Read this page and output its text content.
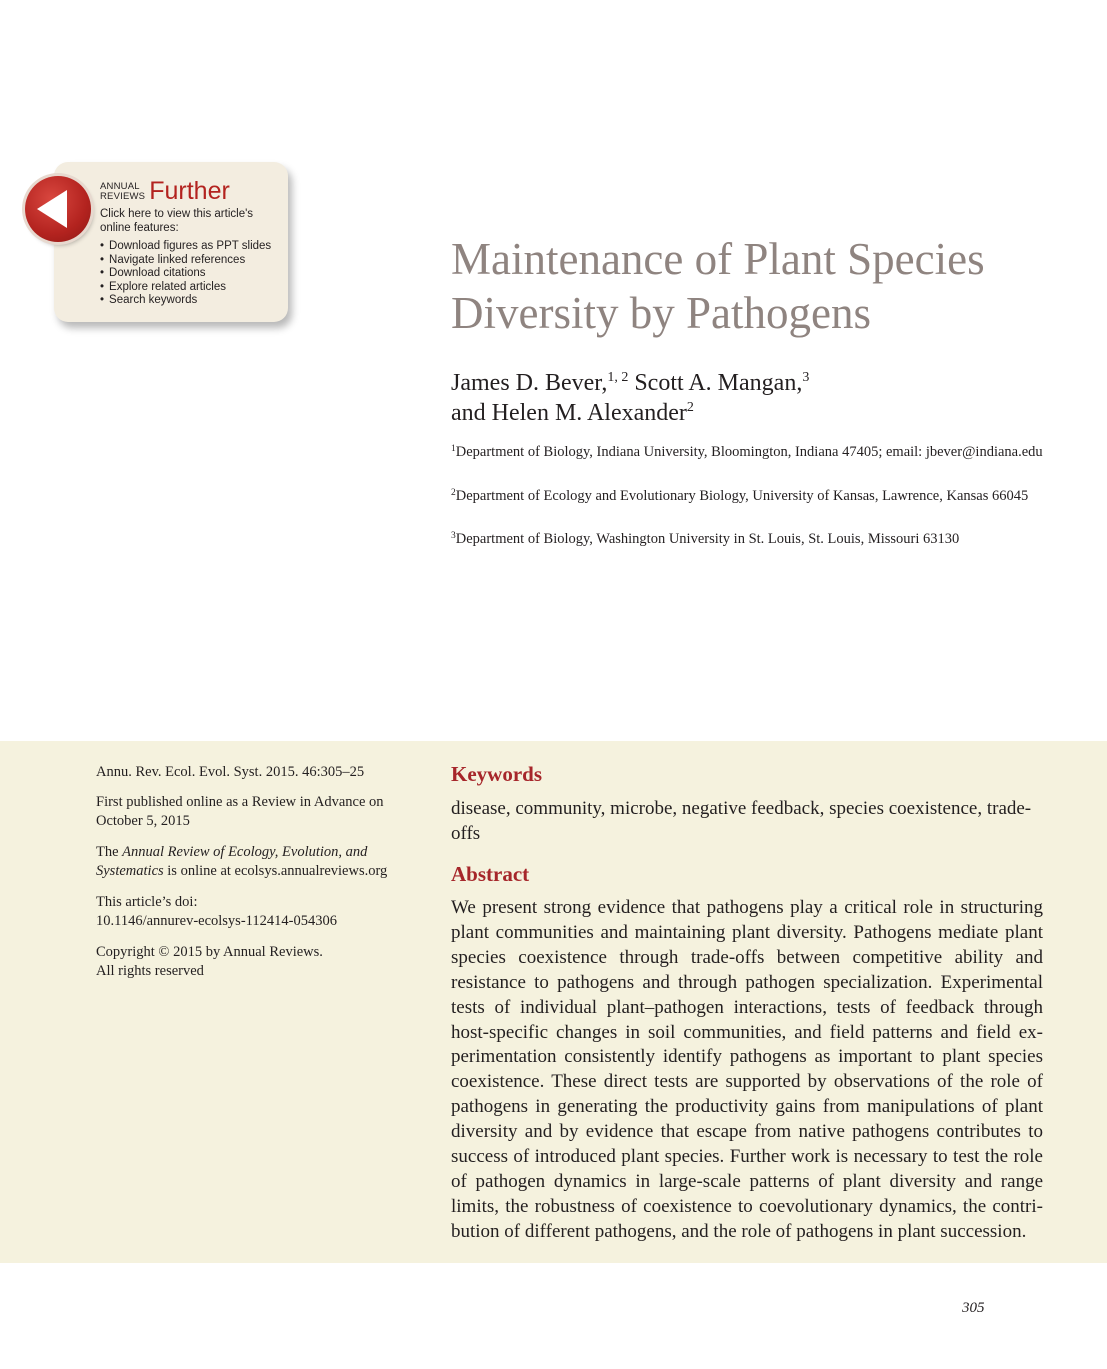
ANNUAL
REVIEWS Further
Click here to view this article's online features:
• Download figures as PPT slides
• Navigate linked references
• Download citations
• Explore related articles
• Search keywords
Maintenance of Plant Species
Diversity by Pathogens
James D. Bever,$^{1, 2}$ Scott A. Mangan,$^3$
and Helen M. Alexander$^2$
$^1$Department of Biology, Indiana University, Bloomington, Indiana 47405; email: jbever@indiana.edu
$^2$Department of Ecology and Evolutionary Biology, University of Kansas, Lawrence, Kansas 66045
$^3$Department of Biology, Washington University in St. Louis, St. Louis, Missouri 63130
Annu. Rev. Ecol. Evol. Syst. 2015. 46:305–25
First published online as a Review in Advance on October 5, 2015
The Annual Review of Ecology, Evolution, and Systematics is online at ecolsys.annualreviews.org
This article’s doi:
10.1146/annurev-ecolsys-112414-054306
Copyright © 2015 by Annual Reviews.
All rights reserved
Keywords
disease, community, microbe, negative feedback, species coexistence, trade-offs
Abstract
We present strong evidence that pathogens play a critical role in structuring plant communities and maintaining plant diversity. Pathogens mediate plant species coexistence through trade-offs between competitive ability and resistance to pathogens and through pathogen specialization. Experimental tests of individual plant–pathogen interactions, tests of feedback through host-specific changes in soil communities, and field patterns and field experimentation consistently identify pathogens as important to plant species coexistence. These direct tests are supported by observations of the role of pathogens in generating the productivity gains from manipulations of plant diversity and by evidence that escape from native pathogens contributes to success of introduced plant species. Further work is necessary to test the role of pathogen dynamics in large-scale patterns of plant diversity and range limits, the robustness of coexistence to coevolutionary dynamics, the contribution of different pathogens, and the role of pathogens in plant succession.
305
